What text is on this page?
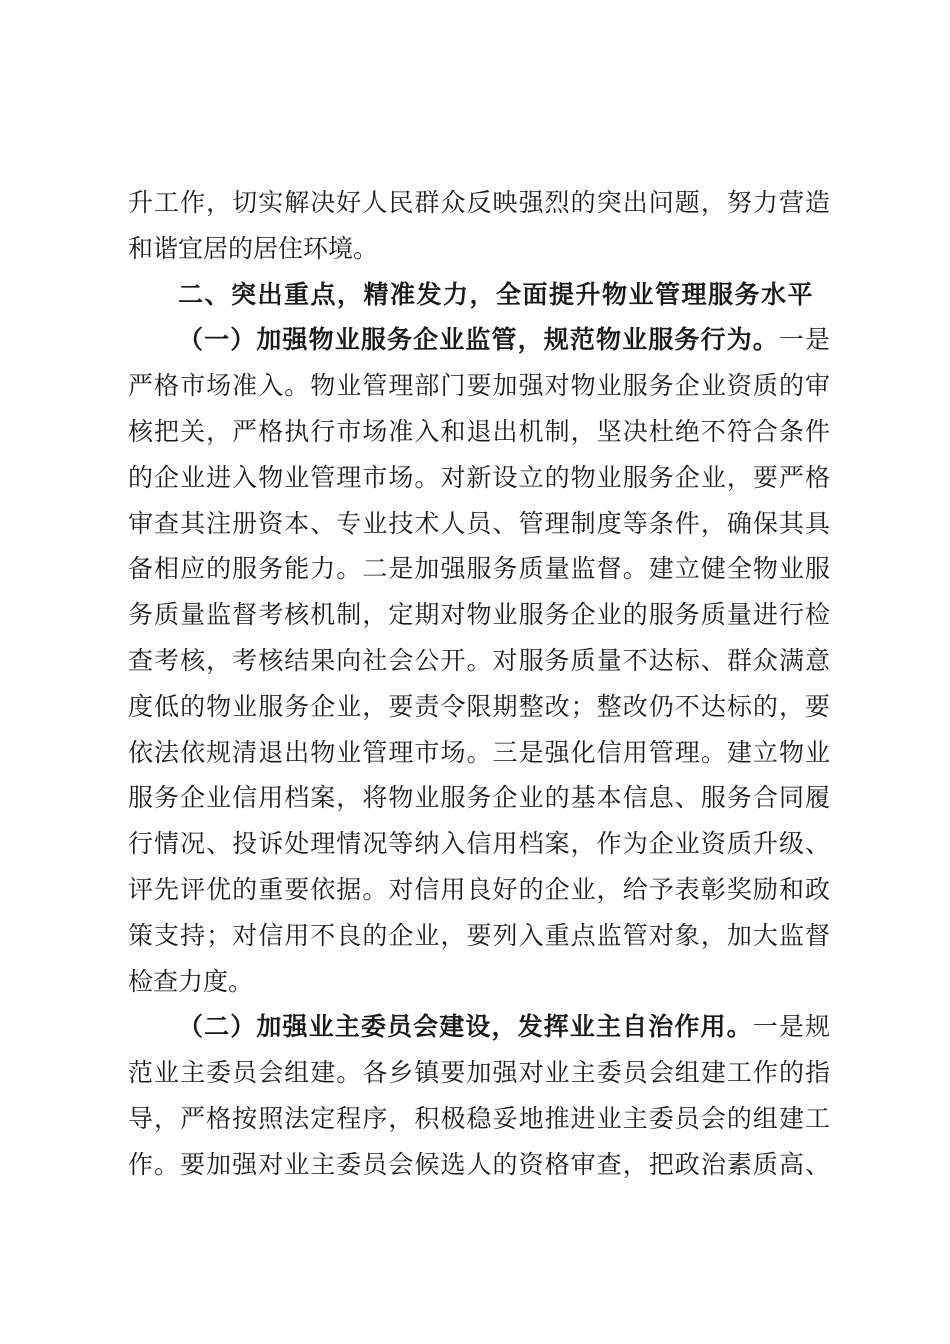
升工作，切实解决好人民群众反映强烈的突出问题，努力营造
和谐宜居的居住环境。
二、突出重点，精准发力，全面提升物业管理服务水平
（一）加强物业服务企业监管，规范物业服务行为。一是
严格市场准入。物业管理部门要加强对物业服务企业资质的审
核把关，严格执行市场准入和退出机制，坚决杜绝不符合条件
的企业进入物业管理市场。对新设立的物业服务企业，要严格
审查其注册资本、专业技术人员、管理制度等条件，确保其具
备相应的服务能力。二是加强服务质量监督。建立健全物业服
务质量监督考核机制，定期对物业服务企业的服务质量进行检
查考核，考核结果向社会公开。对服务质量不达标、群众满意
度低的物业服务企业，要责令限期整改；整改仍不达标的，要
依法依规清退出物业管理市场。三是强化信用管理。建立物业
服务企业信用档案，将物业服务企业的基本信息、服务合同履
行情况、投诉处理情况等纳入信用档案，作为企业资质升级、
评先评优的重要依据。对信用良好的企业，给予表彰奖励和政
策支持；对信用不良的企业，要列入重点监管对象，加大监督
检查力度。
（二）加强业主委员会建设，发挥业主自治作用。一是规
范业主委员会组建。各乡镇要加强对业主委员会组建工作的指
导，严格按照法定程序，积极稳妥地推进业主委员会的组建工
作。要加强对业主委员会候选人的资格审查，把政治素质高、
